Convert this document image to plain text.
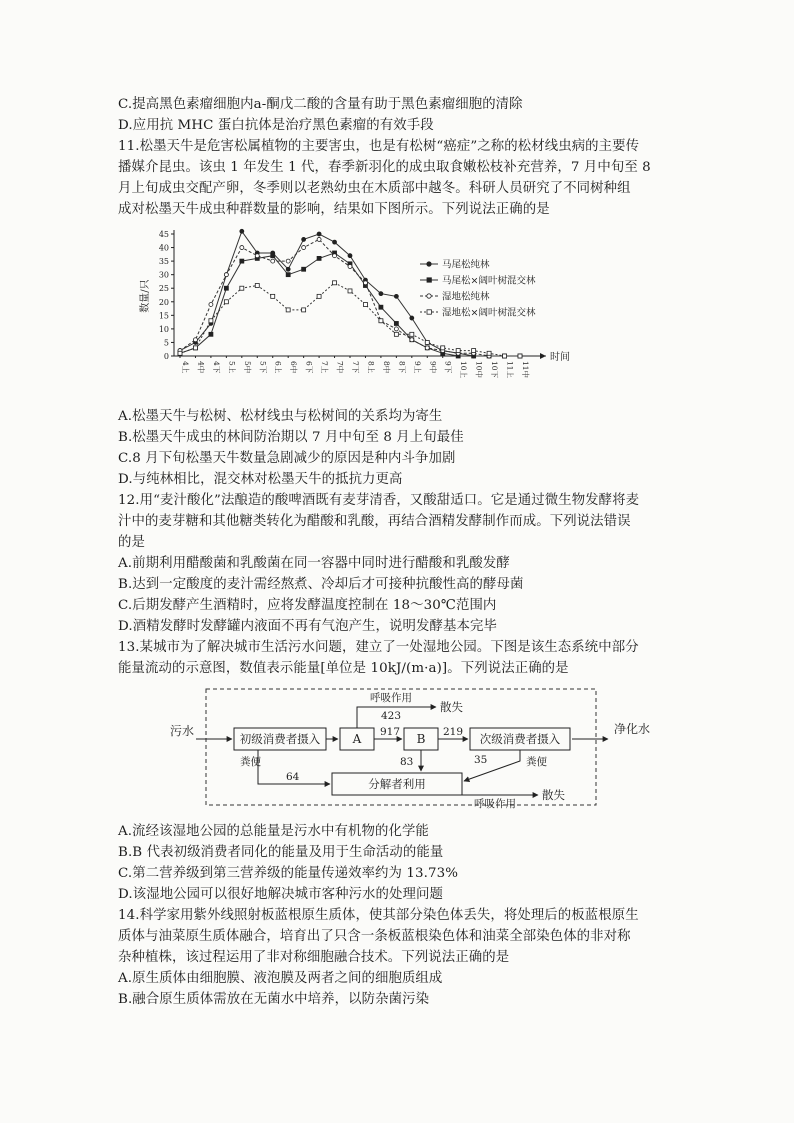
C.提高黑色素瘤细胞内a-酮戊二酸的含量有助于黑色素瘤细胞的清除
D.应用抗 MHC 蛋白抗体是治疗黑色素瘤的有效手段
11.松墨天牛是危害松属植物的主要害虫，也是有松树“癌症”之称的松材线虫病的主要传
播媒介昆虫。该虫 1 年发生 1 代，春季新羽化的成虫取食嫩松枝补充营养，7 月中旬至 8
月上旬成虫交配产卵，冬季则以老熟幼虫在木质部中越冬。科研人员研究了不同树种组
成对松墨天牛成虫种群数量的影响，结果如下图所示。下列说法正确的是
0
5
10
15
20
25
30
35
40
45
数量/只
时间
4上 4中 4下 5上 5中 5下 6上 6中 6下 7上 7中 7下 8上 8中 8下 9上 9中 9下 10上 10中 10下 11上 11中
马尾松纯林
马尾松×阔叶树混交林
湿地松纯林
湿地松×阔叶树混交林
A.松墨天牛与松树、松材线虫与松树间的关系均为寄生
B.松墨天牛成虫的林间防治期以 7 月中旬至 8 月上旬最佳
C.8 月下旬松墨天牛数量急剧减少的原因是种内斗争加剧
D.与纯林相比，混交林对松墨天牛的抵抗力更高
12.用“麦汁酸化”法酿造的酸啤酒既有麦芽清香，又酸甜适口。它是通过微生物发酵将麦
汁中的麦芽糖和其他糖类转化为醋酸和乳酸，再结合酒精发酵制作而成。下列说法错误
的是
A.前期利用醋酸菌和乳酸菌在同一容器中同时进行醋酸和乳酸发酵
B.达到一定酸度的麦汁需经熬煮、冷却后才可接种抗酸性高的酵母菌
C.后期发酵产生酒精时，应将发酵温度控制在 18～30℃范围内
D.酒精发酵时发酵罐内液面不再有气泡产生，说明发酵基本完毕
13.某城市为了解决城市生活污水问题，建立了一处湿地公园。下图是该生态系统中部分
能量流动的示意图，数值表示能量[单位是 10kJ/(m·a)]。下列说法正确的是
污水	净化水
初级消费者摄入	A	B	次级消费者摄入
分解者利用
917	219
呼吸作用
423
散失
83	35	粪便
粪便
64
呼吸作用
散失
A.流经该湿地公园的总能量是污水中有机物的化学能
B.B 代表初级消费者同化的能量及用于生命活动的能量
C.第二营养级到第三营养级的能量传递效率约为 13.73%
D.该湿地公园可以很好地解决城市客种污水的处理问题
14.科学家用紫外线照射板蓝根原生质体，使其部分染色体丢失，将处理后的板蓝根原生
质体与油菜原生质体融合，培育出了只含一条板蓝根染色体和油菜全部染色体的非对称
杂种植株，该过程运用了非对称细胞融合技术。下列说法正确的是
A.原生质体由细胞膜、液泡膜及两者之间的细胞质组成
B.融合原生质体需放在无菌水中培养，以防杂菌污染
